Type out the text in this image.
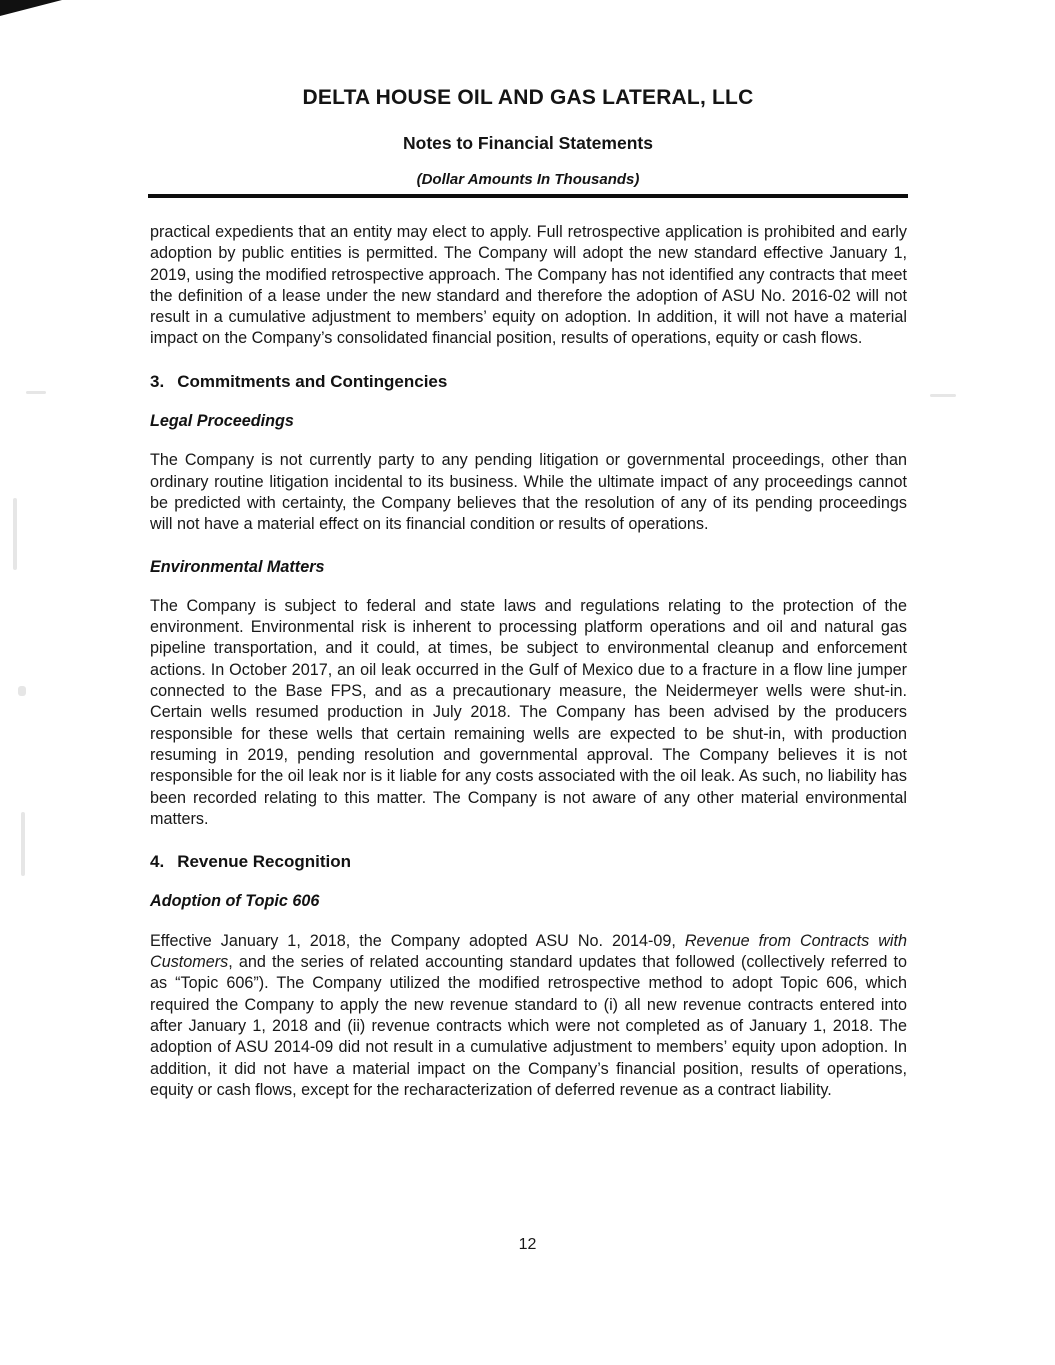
DELTA HOUSE OIL AND GAS LATERAL, LLC
Notes to Financial Statements
(Dollar Amounts In Thousands)

practical expedients that an entity may elect to apply. Full retrospective application is prohibited and early adoption by public entities is permitted. The Company will adopt the new standard effective January 1, 2019, using the modified retrospective approach. The Company has not identified any contracts that meet the definition of a lease under the new standard and therefore the adoption of ASU No. 2016-02 will not result in a cumulative adjustment to members’ equity on adoption. In addition, it will not have a material impact on the Company’s consolidated financial position, results of operations, equity or cash flows.

3. Commitments and Contingencies
Legal Proceedings

The Company is not currently party to any pending litigation or governmental proceedings, other than ordinary routine litigation incidental to its business. While the ultimate impact of any proceedings cannot be predicted with certainty, the Company believes that the resolution of any of its pending proceedings will not have a material effect on its financial condition or results of operations.

Environmental Matters

The Company is subject to federal and state laws and regulations relating to the protection of the environment. Environmental risk is inherent to processing platform operations and oil and natural gas pipeline transportation, and it could, at times, be subject to environmental cleanup and enforcement actions. In October 2017, an oil leak occurred in the Gulf of Mexico due to a fracture in a flow line jumper connected to the Base FPS, and as a precautionary measure, the Neidermeyer wells were shut-in. Certain wells resumed production in July 2018. The Company has been advised by the producers responsible for these wells that certain remaining wells are expected to be shut-in, with production resuming in 2019, pending resolution and governmental approval. The Company believes it is not responsible for the oil leak nor is it liable for any costs associated with the oil leak. As such, no liability has been recorded relating to this matter. The Company is not aware of any other material environmental matters.

4. Revenue Recognition
Adoption of Topic 606

Effective January 1, 2018, the Company adopted ASU No. 2014-09, Revenue from Contracts with Customers, and the series of related accounting standard updates that followed (collectively referred to as “Topic 606”). The Company utilized the modified retrospective method to adopt Topic 606, which required the Company to apply the new revenue standard to (i) all new revenue contracts entered into after January 1, 2018 and (ii) revenue contracts which were not completed as of January 1, 2018. The adoption of ASU 2014-09 did not result in a cumulative adjustment to members’ equity upon adoption. In addition, it did not have a material impact on the Company’s financial position, results of operations, equity or cash flows, except for the recharacterization of deferred revenue as a contract liability.

12
